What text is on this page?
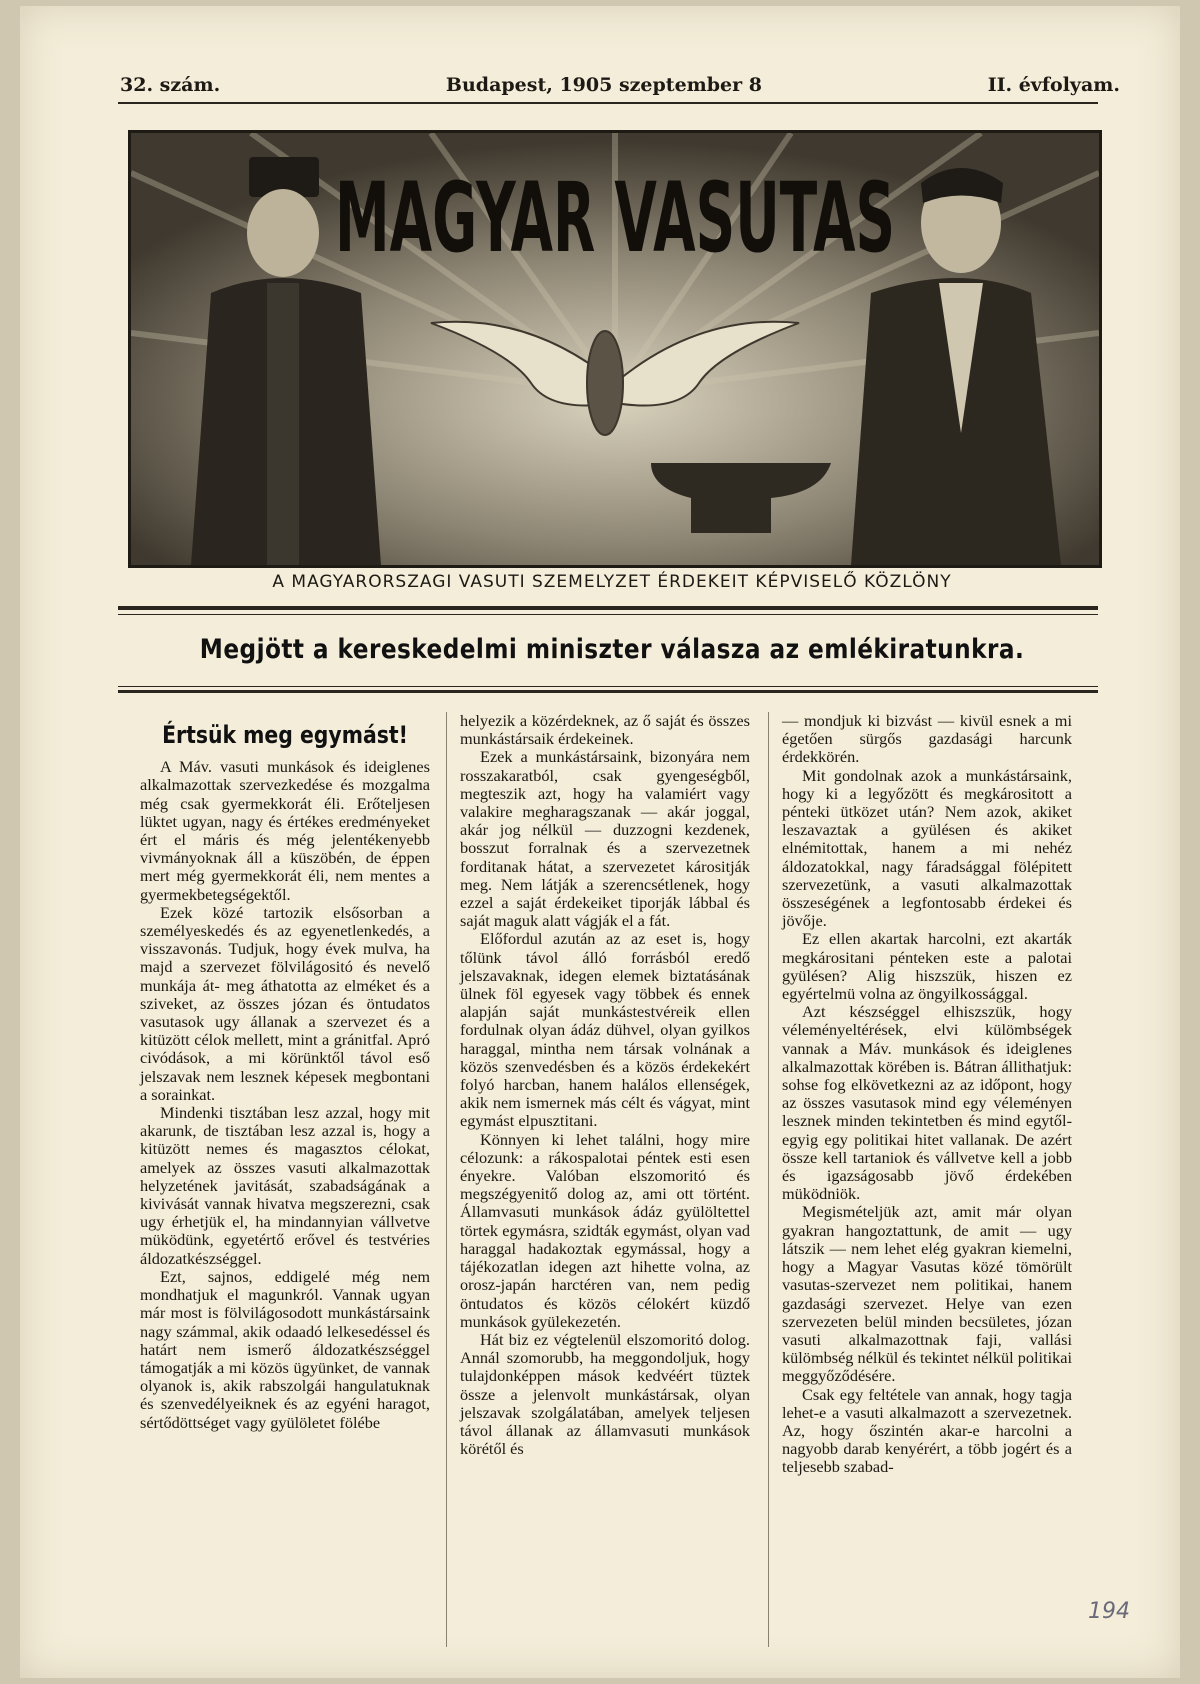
32. szám.	Budapest, 1905 szeptember 8	II. évfolyam.
MAGYAR VASUTAS
A MAGYARORSZAGI VASUTI SZEMELYZET ÉRDEKEIT KÉPVISELŐ KÖZLÖNY
Megjött a kereskedelmi miniszter válasza az emlékiratunkra.
Értsük meg egymást!

A Máv. vasuti munkások és ideiglenes alkalmazottak szervezkedése és mozgalma még csak gyermekkorát éli. Erőteljesen lüktet ugyan, nagy és értékes eredményeket ért el máris és még jelentékenyebb vivmányoknak áll a küszöbén, de éppen mert még gyermekkorát éli, nem mentes a gyermekbetegségektől.

Ezek közé tartozik elsősorban a személyeskedés és az egyenetlenkedés, a visszavonás. Tudjuk, hogy évek mulva, ha majd a szervezet fölvilágositó és nevelő munkája át- meg áthatotta az elméket és a sziveket, az összes józan és öntudatos vasutasok ugy állanak a szervezet és a kitüzött célok mellett, mint a gránitfal. Apró civódások, a mi körünktől távol eső jelszavak nem lesznek képesek megbontani a sorainkat.

Mindenki tisztában lesz azzal, hogy mit akarunk, de tisztában lesz azzal is, hogy a kitüzött nemes és magasztos célokat, amelyek az összes vasuti alkalmazottak helyzetének javitását, szabadságának a kivivását vannak hivatva megszerezni, csak ugy érhetjük el, ha mindannyian vállvetve müködünk, egyetértő erővel és testvéries áldozatkészséggel.

Ezt, sajnos, eddigelé még nem mondhatjuk el magunkról. Vannak ugyan már most is fölvilágosodott munkástársaink nagy számmal, akik odaadó lelkesedéssel és határt nem ismerő áldozatkészséggel támogatják a mi közös ügyünket, de vannak olyanok is, akik rabszolgái hangulatuknak és szenvedélyeiknek és az egyéni haragot, sértődöttséget vagy gyülöletet fölébe

helyezik a közérdeknek, az ő saját és összes munkástársaik érdekeinek.

Ezek a munkástársaink, bizonyára nem rosszakaratból, csak gyengeségből, megteszik azt, hogy ha valamiért vagy valakire megharagszanak — akár joggal, akár jog nélkül — duzzogni kezdenek, bosszut forralnak és a szervezetnek forditanak hátat, a szervezetet kárositják meg. Nem látják a szerencsétlenek, hogy ezzel a saját érdekeiket tiporják lábbal és saját maguk alatt vágják el a fát.

Előfordul azután az az eset is, hogy tőlünk távol álló forrásból eredő jelszavaknak, idegen elemek biztatásának ülnek föl egyesek vagy többek és ennek alapján saját munkástestvéreik ellen fordulnak olyan ádáz dühvel, olyan gyilkos haraggal, mintha nem társak volnának a közös szenvedésben és a közös érdekekért folyó harcban, hanem halálos ellenségek, akik nem ismernek más célt és vágyat, mint egymást elpusztitani.

Könnyen ki lehet találni, hogy mire célozunk: a rákospalotai péntek esti esen ényekre. Valóban elszomoritó és megszégyenitő dolog az, ami ott történt. Államvasuti munkások ádáz gyülöltettel törtek egymásra, szidták egymást, olyan vad haraggal hadakoztak egymással, hogy a tájékozatlan idegen azt hihette volna, az orosz-japán harctéren van, nem pedig öntudatos és közös célokért küzdő munkások gyülekezetén.

Hát biz ez végtelenül elszomoritó dolog. Annál szomorubb, ha meggondoljuk, hogy tulajdonképpen mások kedvéért tüztek össze a jelenvolt munkástársak, olyan jelszavak szolgálatában, amelyek teljesen távol állanak az államvasuti munkások körétől és

— mondjuk ki bizvást — kivül esnek a mi égetően sürgős gazdasági harcunk érdekkörén.

Mit gondolnak azok a munkástársaink, hogy ki a legyőzött és megkárositott a pénteki ütközet után? Nem azok, akiket leszavaztak a gyülésen és akiket elnémitottak, hanem a mi nehéz áldozatokkal, nagy fáradsággal fölépitett szervezetünk, a vasuti alkalmazottak összeségének a legfontosabb érdekei és jövője.

Ez ellen akartak harcolni, ezt akarták megkárositani pénteken este a palotai gyülésen? Alig hiszszük, hiszen ez egyértelmü volna az öngyilkossággal.

Azt készséggel elhiszszük, hogy véleményeltérések, elvi külömbségek vannak a Máv. munkások és ideiglenes alkalmazottak körében is. Bátran állithatjuk: sohse fog elkövetkezni az az időpont, hogy az összes vasutasok mind egy véleményen lesznek minden tekintetben és mind egytől-egyig egy politikai hitet vallanak. De azért össze kell tartaniok és vállvetve kell a jobb és igazságosabb jövő érdekében müködniök.

Megismételjük azt, amit már olyan gyakran hangoztattunk, de amit — ugy látszik — nem lehet elég gyakran kiemelni, hogy a Magyar Vasutas közé tömörült vasutas-szervezet nem politikai, hanem gazdasági szervezet. Helye van ezen szervezeten belül minden becsületes, józan vasuti alkalmazottnak faji, vallási külömbség nélkül és tekintet nélkül politikai meggyőződésére.

Csak egy feltétele van annak, hogy tagja lehet-e a vasuti alkalmazott a szervezetnek. Az, hogy őszintén akar-e harcolni a nagyobb darab kenyérért, a több jogért és a teljesebb szabad-

194
